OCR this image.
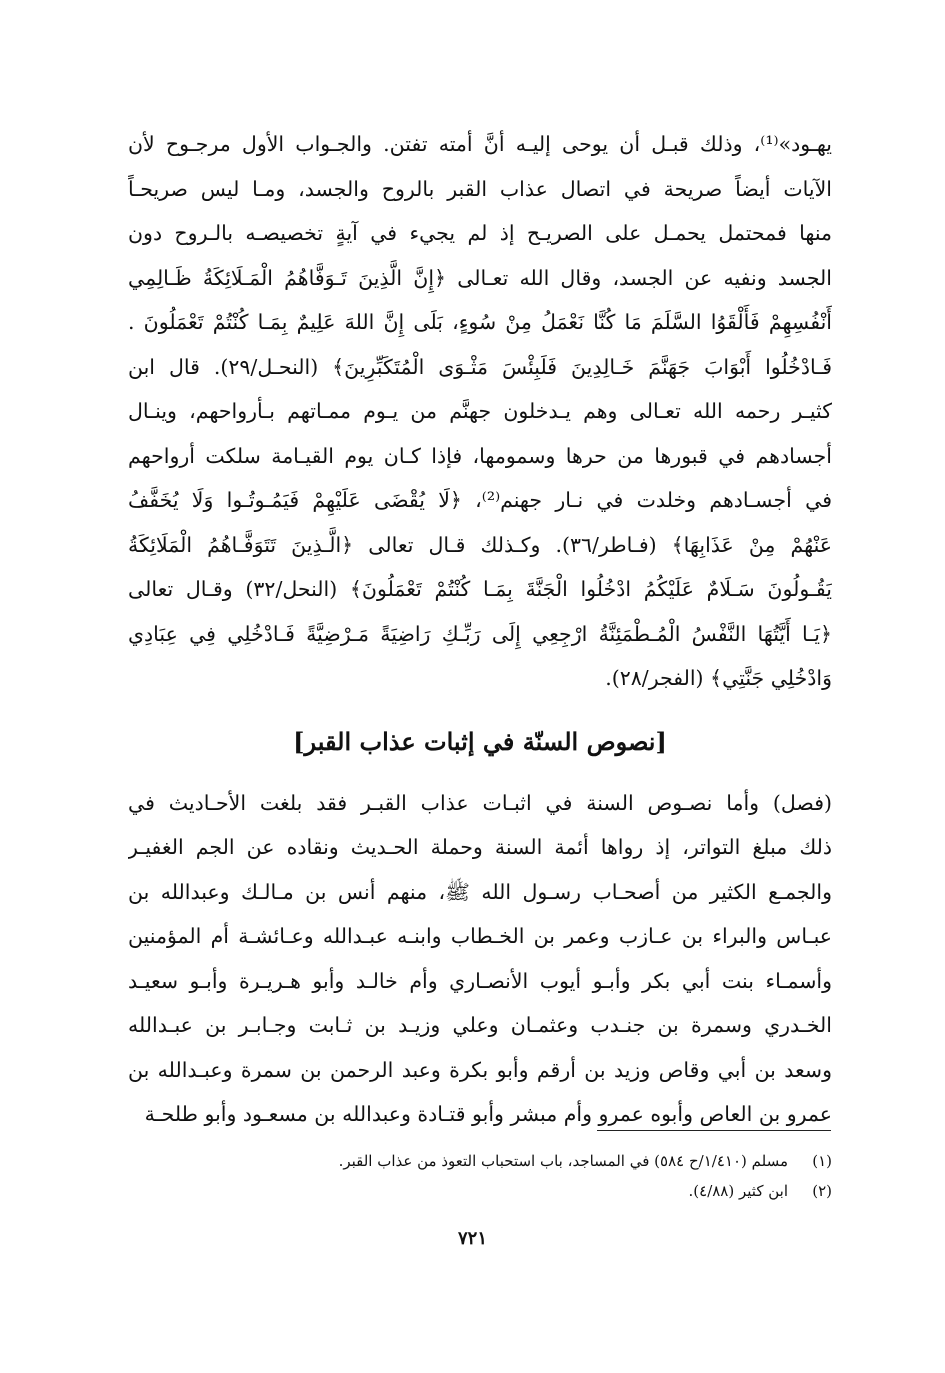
يهـود»⁽¹⁾، وذلك قبـل أن يوحى إليـه أنَّ أمته تفتن. والجـواب الأول مرجـوح لأن
الآيات أيضاً صريحة في اتصال عذاب القبر بالروح والجسد، ومـا ليس صريحـاً
منها فمحتمل يحمـل على الصريـح إذ لم يجيء في آيةٍ تخصيصـه بالـروح دون
الجسد ونفيه عن الجسد، وقال الله تعـالى ﴿إِنَّ الَّذِينَ تَـوَفَّاهُمُ الْمَـلَائِكَةُ ظَـالِمِي
أَنْفُسِهِمْ فَأَلْقَوُا السَّلَمَ مَا كُنَّا نَعْمَلُ مِنْ سُوءٍ، بَلَى إِنَّ اللهَ عَلِيمٌ بِمَـا كُنْتُمْ تَعْمَلُونَ .
فَـادْخُلُوا أَبْوَابَ جَهَنَّمَ خَـالِدِينَ فَلَبِئْسَ مَثْـوَى الْمُتَكَبِّرِينَ﴾ (النحـل/٢٩). قال ابن
كثيـر رحمه الله تعـالى وهم يـدخلون جهنَّم من يـوم ممـاتهم بـأرواحهم، وينـال
أجسادهم في قبورها من حرها وسمومها، فإذا كـان يوم القيـامة سلكت أرواحهم
في أجسـادهم وخلدت في نـار جهنم⁽²⁾، ﴿لَا يُقْضَى عَلَيْهِمْ فَيَمُـوتُـوا وَلَا يُخَفَّفُ
عَنْهُمْ مِنْ عَذَابِهَا﴾ (فـاطر/٣٦). وكـذلك قـال تعالى ﴿الَّـذِينَ تَتَوَفَّـاهُمُ الْمَلَائِكَةُ
يَقُـولُونَ سَـلَامٌ عَلَيْكُمُ ادْخُلُوا الْجَنَّةَ بِمَـا كُنْتُمْ تَعْمَلُونَ﴾ (النحل/٣٢) وقـال تعالى
﴿يَـا أَيَّتُهَا النَّفْسُ الْمُـطْمَئِنَّةُ ارْجِعِي إِلَى رَبِّـكِ رَاضِيَةً مَـرْضِيَّةً فَـادْخُلِي فِي عِبَادِي
وَادْخُلِي جَنَّتِي﴾ (الفجر/٢٨).
[نصوص السنّة في إثبات عذاب القبر]
(فصل) وأما نصـوص السنة في اثبـات عذاب القبـر فقد بلغت الأحـاديث في
ذلك مبلغ التواتر، إذ رواها أئمة السنة وحملة الحـديث ونقاده عن الجم الغفيـر
والجمـع الكثير من أصحـاب رسـول الله ﷺ، منهم أنس بن مـالـك وعبدالله بن
عبـاس والبراء بن عـازب وعمر بن الخـطاب وابنـه عبـدالله وعـائشـة أم المؤمنين
وأسمـاء بنت أبي بكر وأبـو أيوب الأنصـاري وأم خالـد وأبو هـريـرة وأبـو سعيـد
الخـدري وسمرة بن جنـدب وعثمـان وعلي وزيـد بن ثـابت وجـابـر بن عبـدالله
وسعد بن أبي وقاص وزيد بن أرقم وأبو بكرة وعبد الرحمن بن سمرة وعبـدالله بن
عمرو بن العاص وأبوه عمرو وأم مبشر وأبو قتـادة وعبدالله بن مسعـود وأبو طلحـة
(١)مسلم (١/٤١٠/ح ٥٨٤) في المساجد، باب استحباب التعوذ من عذاب القبر.
(٢)ابن كثير (٤/٨٨).
٧٢١
